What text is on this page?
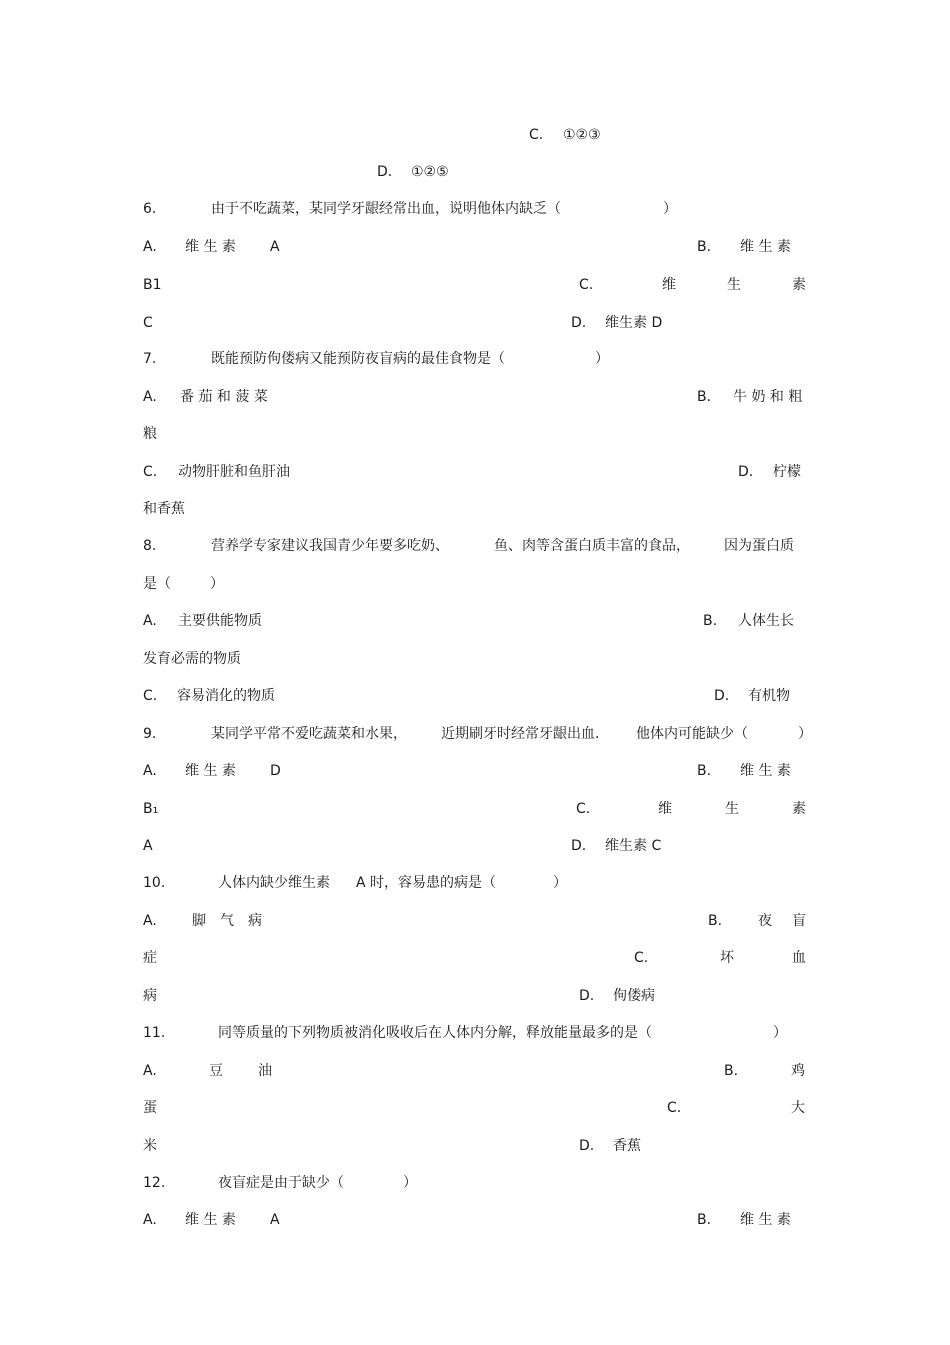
C. ①②③
D. ①②⑤
6.	由于不吃蔬菜，某同学牙龈经常出血，说明他体内缺乏（	）
A. 维 生 素 A	B. 维 生 素
B1	C.	维	生	素
C	D. 维生素 D
7.	既能预防佝偻病又能预防夜盲病的最佳食物是（	）
A. 番 茄 和 菠 菜	B. 牛 奶 和 粗
粮
C. 动物肝脏和鱼肝油	D. 柠檬
和香蕉
8.	营养学专家建议我国青少年要多吃奶、	鱼、肉等含蛋白质丰富的食品， 因为蛋白质
是（	）
A. 主要供能物质	B. 人体生长
发育必需的物质
C. 容易消化的物质	D. 有机物
9.	某同学平常不爱吃蔬菜和水果， 近期刷牙时经常牙龈出血． 他体内可能缺少（	）
A. 维 生 素 D	B. 维 生 素
B₁	C.	维	生	素
A	D. 维生素 C
10.	人体内缺少维生素 A 时，容易患的病是（	）
A.	脚　气　病	B.	夜 盲
症	C.	坏	血
病	D. 佝偻病
11.	同等质量的下列物质被消化吸收后在人体内分解，释放能量最多的是（	）
A.	豆	油	B.	鸡
蛋	C.	大
米	D. 香蕉
12.	夜盲症是由于缺少（	）
A. 维 生 素 A	B. 维 生 素
